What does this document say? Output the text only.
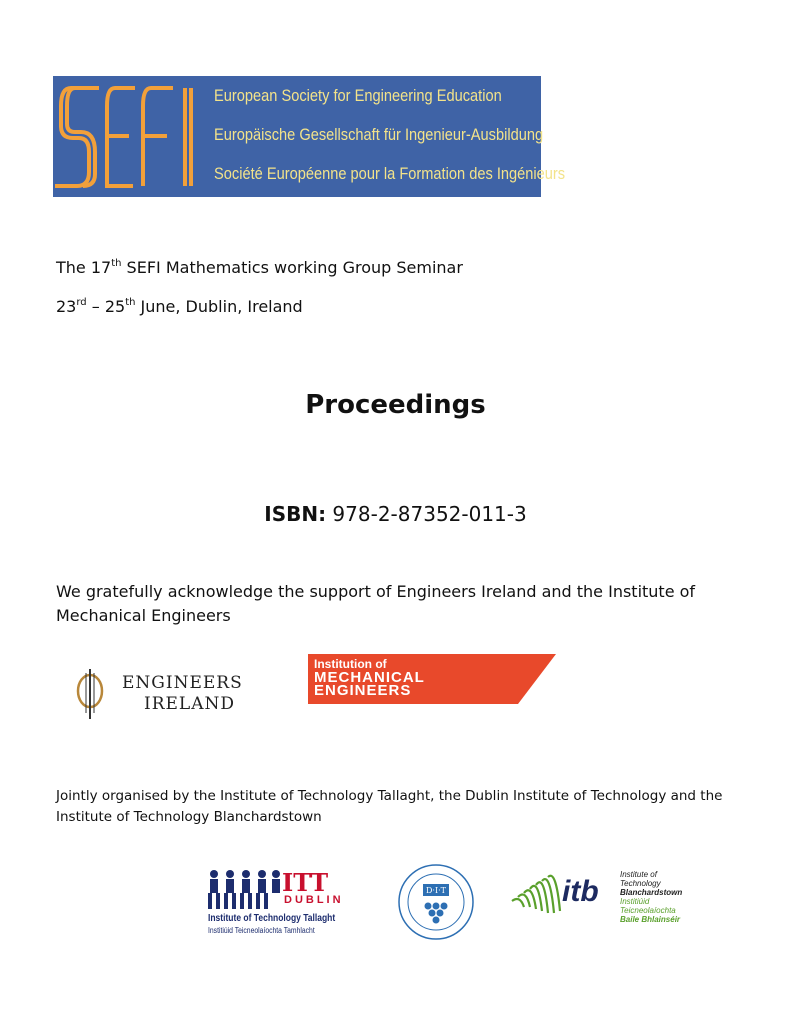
SEFI
European Society for Engineering Education
Europäische Gesellschaft für Ingenieur-Ausbildung
Société Européenne pour la Formation des Ingénieurs
The 17th SEFI Mathematics working Group Seminar
23rd – 25th June, Dublin, Ireland
Proceedings
ISBN: 978-2-87352-011-3
We gratefully acknowledge the support of Engineers Ireland and the Institute of Mechanical Engineers
ENGINEERS
IRELAND
Institution of
MECHANICAL
ENGINEERS
Jointly organised by the Institute of Technology Tallaght, the Dublin Institute of Technology and the Institute of Technology Blanchardstown
ITT
DUBLIN
Institute of Technology Tallaght
Institiúid Teicneolaíochta Tamhlacht
D·I·T	itb
Institute of Technology
Blanchardstown
Institiúid Teicneolaíochta
Baile Bhlainséir
